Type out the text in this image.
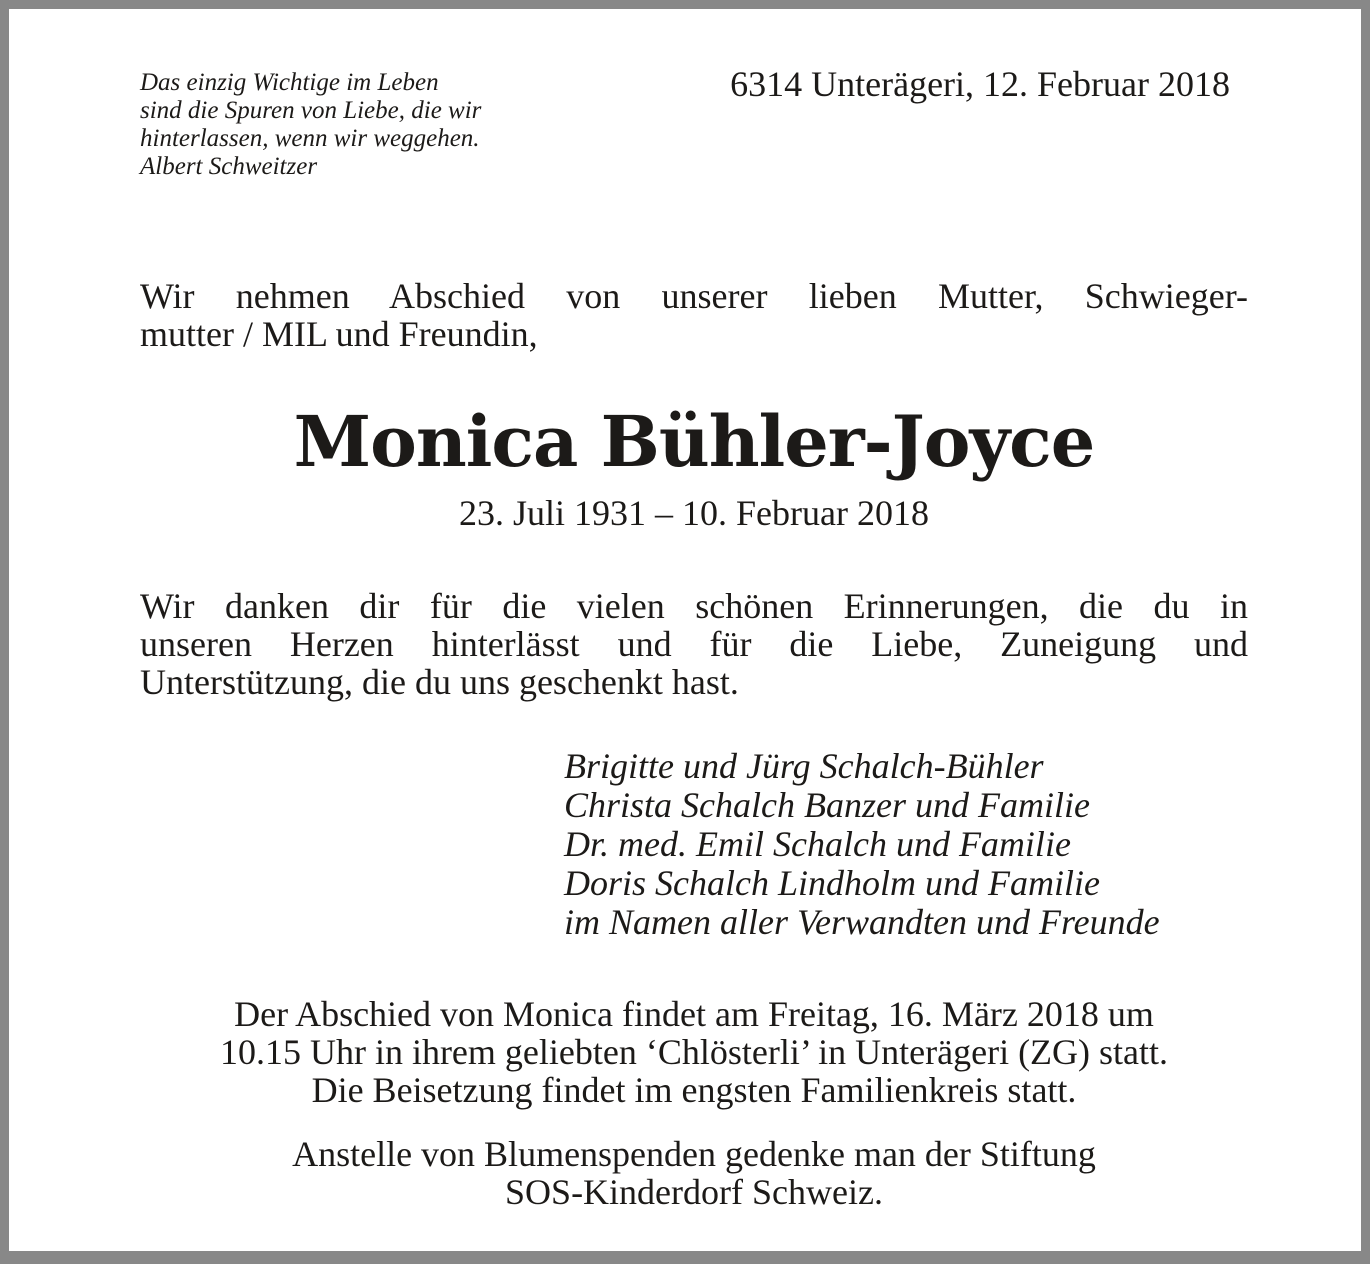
Das einzig Wichtige im Leben
sind die Spuren von Liebe, die wir
hinterlassen, wenn wir weggehen.
Albert Schweitzer
6314 Unterägeri, 12. Februar 2018
Wir nehmen Abschied von unserer lieben Mutter, Schwieger-
mutter / MIL und Freundin,
Monica Bühler-Joyce
23. Juli 1931 – 10. Februar 2018
Wir danken dir für die vielen schönen Erinnerungen, die du in
unseren Herzen hinterlässt und für die Liebe, Zuneigung und
Unterstützung, die du uns geschenkt hast.
Brigitte und Jürg Schalch-Bühler
Christa Schalch Banzer und Familie
Dr. med. Emil Schalch und Familie
Doris Schalch Lindholm und Familie
im Namen aller Verwandten und Freunde
Der Abschied von Monica findet am Freitag, 16. März 2018 um
10.15 Uhr in ihrem geliebten ‘Chlösterli’ in Unterägeri (ZG) statt.
Die Beisetzung findet im engsten Familienkreis statt.
Anstelle von Blumenspenden gedenke man der Stiftung
SOS-Kinderdorf Schweiz.
